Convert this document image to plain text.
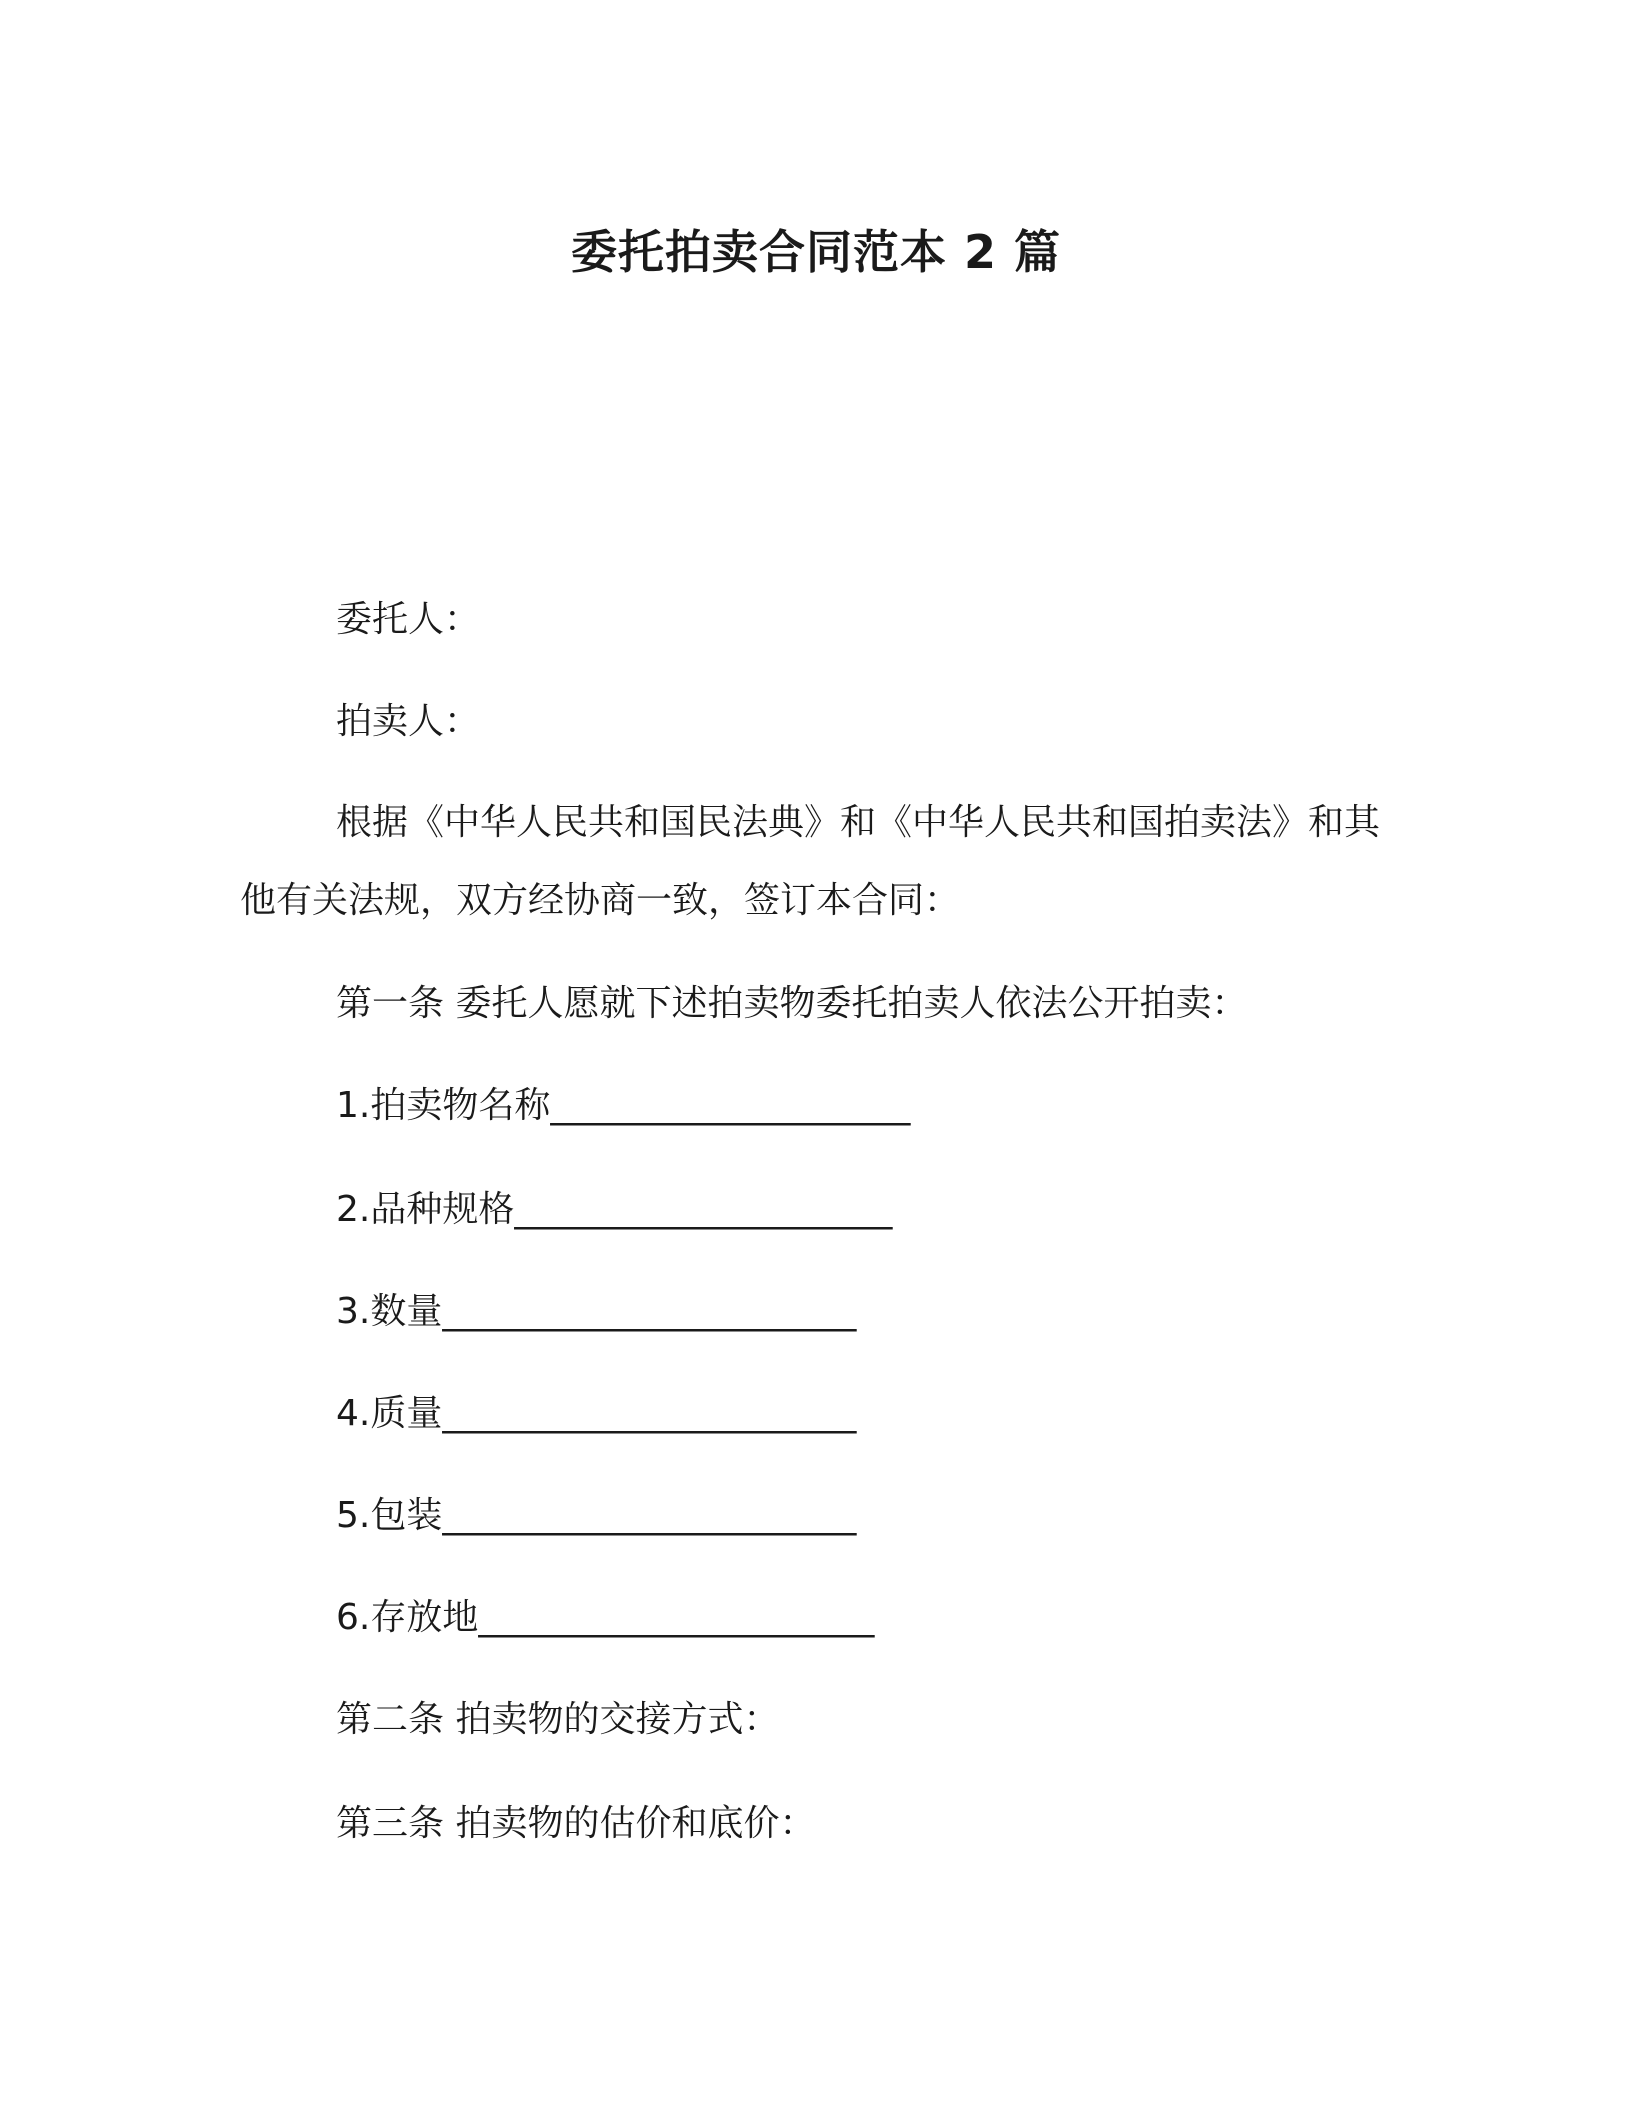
委托拍卖合同范本 2 篇
委托人：
拍卖人：
根据《中华人民共和国民法典》和《中华人民共和国拍卖法》和其他有关法规，双方经协商一致，签订本合同：
第一条 委托人愿就下述拍卖物委托拍卖人依法公开拍卖：
1.拍卖物名称____________________
2.品种规格_____________________
3.数量_______________________
4.质量_______________________
5.包装_______________________
6.存放地______________________
第二条 拍卖物的交接方式：
第三条 拍卖物的估价和底价：
